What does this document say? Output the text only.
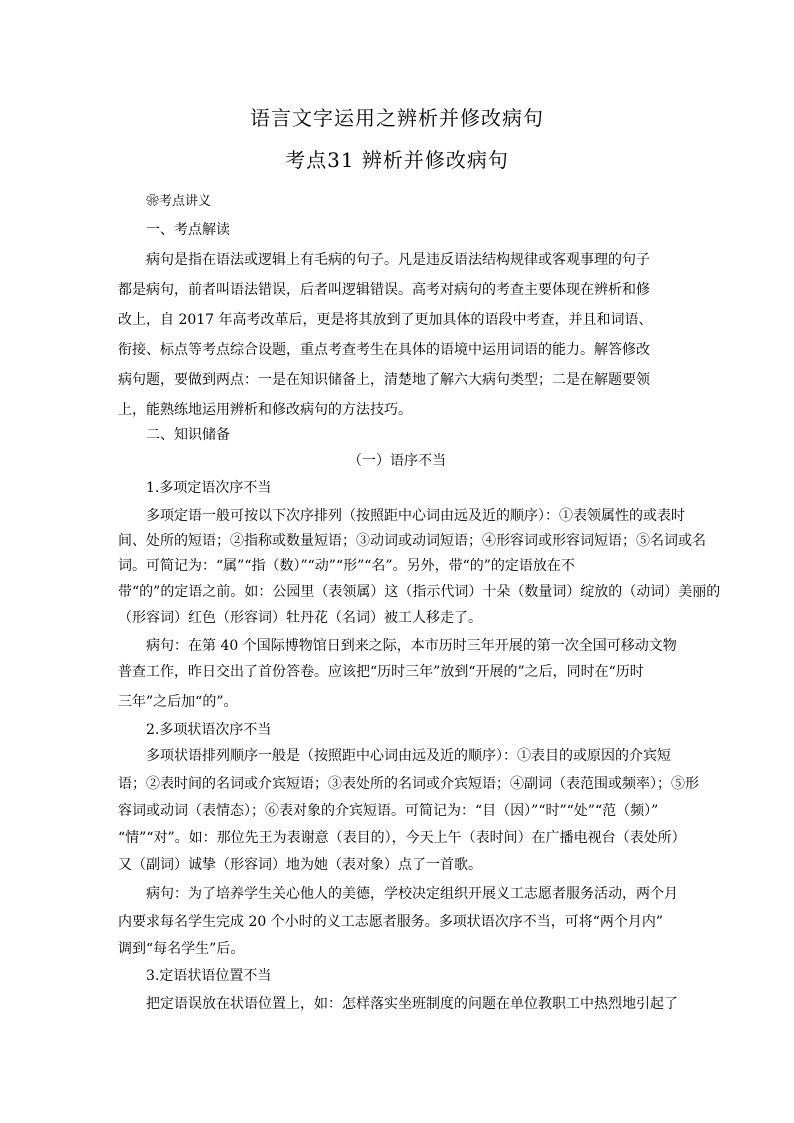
语言文字运用之辨析并修改病句
考点31 辨析并修改病句
❀考点讲义
一、考点解读
病句是指在语法或逻辑上有毛病的句子。凡是违反语法结构规律或客观事理的句子
都是病句，前者叫语法错误，后者叫逻辑错误。高考对病句的考查主要体现在辨析和修
改上，自 2017 年高考改革后，更是将其放到了更加具体的语段中考查，并且和词语、
衔接、标点等考点综合设题，重点考查考生在具体的语境中运用词语的能力。解答修改
病句题，要做到两点：一是在知识储备上，清楚地了解六大病句类型；二是在解题要领
上，能熟练地运用辨析和修改病句的方法技巧。
二、知识储备
（一）语序不当
1.多项定语次序不当
多项定语一般可按以下次序排列（按照距中心词由远及近的顺序）：①表领属性的或表时
间、处所的短语；②指称或数量短语；③动词或动词短语；④形容词或形容词短语；⑤名词或名
词。可简记为：“属”“指（数）”“动”“形”“名”。另外，带“的”的定语放在不
带“的”的定语之前。如：公园里（表领属）这（指示代词）十朵（数量词）绽放的（动词）美丽的
（形容词）红色（形容词）牡丹花（名词）被工人移走了。
病句：在第 40 个国际博物馆日到来之际，本市历时三年开展的第一次全国可移动文物
普查工作，昨日交出了首份答卷。应该把“历时三年”放到“开展的”之后，同时在“历时
三年”之后加“的”。
2.多项状语次序不当
多项状语排列顺序一般是（按照距中心词由远及近的顺序）：①表目的或原因的介宾短
语；②表时间的名词或介宾短语；③表处所的名词或介宾短语；④副词（表范围或频率）；⑤形
容词或动词（表情态）；⑥表对象的介宾短语。可简记为：“目（因）”“时”“处”“范（频）”
“情”“对”。如：那位先王为表谢意（表目的），今天上午（表时间）在广播电视台（表处所）
又（副词）诚挚（形容词）地为她（表对象）点了一首歌。
病句：为了培养学生关心他人的美德，学校决定组织开展义工志愿者服务活动，两个月
内要求每名学生完成 20 个小时的义工志愿者服务。多项状语次序不当，可将“两个月内”
调到“每名学生”后。
3.定语状语位置不当
把定语误放在状语位置上，如：怎样落实坐班制度的问题在单位教职工中热烈地引起了
